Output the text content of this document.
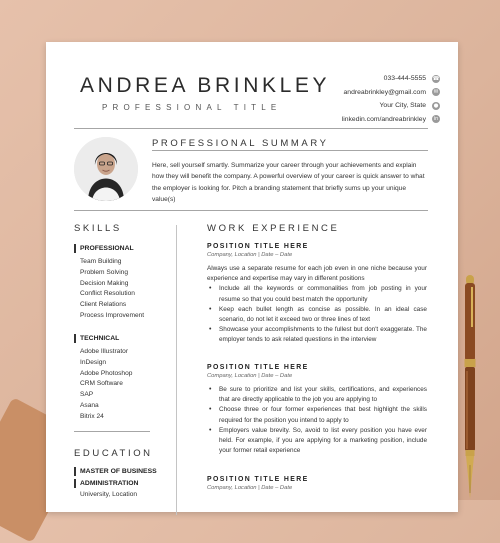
ANDREA BRINKLEY
PROFESSIONAL TITLE
033-444-5555 ☎
andreabrinkley@gmail.com	✉
Your City, State ●
linkedin.com/andreabrinkley in
PROFESSIONAL SUMMARY
Here, sell yourself smartly. Summarize your career through your achievements and explain how they will benefit the company. A powerful overview of your career is quick answer to what the employer is looking for. Pitch a branding statement that briefly sums up your unique value(s)
SKILLS
PROFESSIONAL
Team Building
Problem Solving
Decision Making
Conflict Resolution
Client Relations
Process Improvement
TECHNICAL
Adobe Illustrator
InDesign
Adobe Photoshop
CRM Software
SAP
Asana
Bitrix 24
EDUCATION
MASTER OF BUSINESS
ADMINISTRATION
University, Location
WORK EXPERIENCE
POSITION TITLE HERE
Company, Location | Date – Date
Always use a separate resume for each job even in one niche because your experience and expertise may vary in different positions
• Include all the keywords or commonalities from job posting in your resume so that you could best match the opportunity
• Keep each bullet length as concise as possible. In an ideal case scenario, do not let it exceed two or three lines of text
• Showcase your accomplishments to the fullest but don't exaggerate. The employer tends to ask related questions in the interview
POSITION TITLE HERE
Company, Location | Date – Date
• Be sure to prioritize and list your skills, certifications, and experiences that are directly applicable to the job you are applying to
• Choose three or four former experiences that best highlight the skills required for the position you intend to apply to
• Employers value brevity. So, avoid to list every position you have ever held. For example, if you are applying for a marketing position, include your former retail experience
POSITION TITLE HERE
Company, Location | Date – Date
